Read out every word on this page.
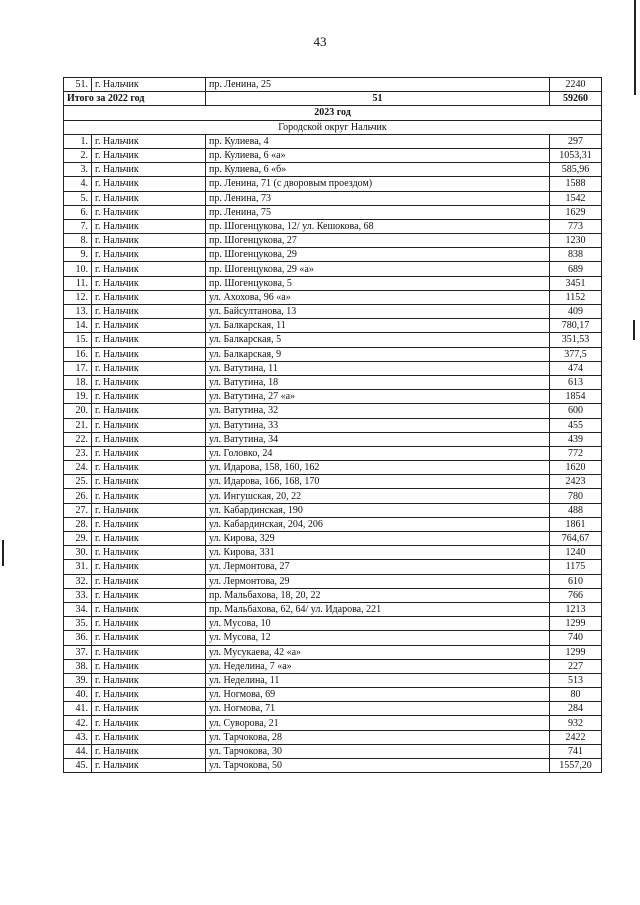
43
51.	г. Нальчик	пр. Ленина, 25	2240
Итого за 2022 год		51	59260
2023 год			
Городской округ Нальчик			
1.	г. Нальчик	пр. Кулиева, 4	297
2.	г. Нальчик	пр. Кулиева, 6 «а»	1053,31
3.	г. Нальчик	пр. Кулиева, 6 «б»	585,96
4.	г. Нальчик	пр. Ленина, 71 (с дворовым проездом)	1588
5.	г. Нальчик	пр. Ленина, 73	1542
6.	г. Нальчик	пр. Ленина, 75	1629
7.	г. Нальчик	пр. Шогенцукова, 12/ ул. Кешокова, 68	773
8.	г. Нальчик	пр. Шогенцукова, 27	1230
9.	г. Нальчик	пр. Шогенцукова, 29	838
10.	г. Нальчик	пр. Шогенцукова, 29 «а»	689
11.	г. Нальчик	пр. Шогенцукова, 5	3451
12.	г. Нальчик	ул. Ахохова, 96 «а»	1152
13.	г. Нальчик	ул. Байсултанова, 13	409
14.	г. Нальчик	ул. Балкарская, 11	780,17
15.	г. Нальчик	ул. Балкарская, 5	351,53
16.	г. Нальчик	ул. Балкарская, 9	377,5
17.	г. Нальчик	ул. Ватутина, 11	474
18.	г. Нальчик	ул. Ватутина, 18	613
19.	г. Нальчик	ул. Ватутина, 27 «а»	1854
20.	г. Нальчик	ул. Ватутина, 32	600
21.	г. Нальчик	ул. Ватутина, 33	455
22.	г. Нальчик	ул. Ватутина, 34	439
23.	г. Нальчик	ул. Головко, 24	772
24.	г. Нальчик	ул. Идарова, 158, 160, 162	1620
25.	г. Нальчик	ул. Идарова, 166, 168, 170	2423
26.	г. Нальчик	ул. Ингушская, 20, 22	780
27.	г. Нальчик	ул. Кабардинская, 190	488
28.	г. Нальчик	ул. Кабардинская, 204, 206	1861
29.	г. Нальчик	ул. Кирова, 329	764,67
30.	г. Нальчик	ул. Кирова, 331	1240
31.	г. Нальчик	ул. Лермонтова, 27	1175
32.	г. Нальчик	ул. Лермонтова, 29	610
33.	г. Нальчик	пр. Мальбахова, 18, 20, 22	766
34.	г. Нальчик	пр. Мальбахова, 62, 64/ ул. Идарова, 221	1213
35.	г. Нальчик	ул. Мусова, 10	1299
36.	г. Нальчик	ул. Мусова, 12	740
37.	г. Нальчик	ул. Мусукаева, 42 «а»	1299
38.	г. Нальчик	ул. Неделина, 7 «а»	227
39.	г. Нальчик	ул. Неделина, 11	513
40.	г. Нальчик	ул. Ногмова, 69	80
41.	г. Нальчик	ул. Ногмова, 71	284
42.	г. Нальчик	ул. Суворова, 21	932
43.	г. Нальчик	ул. Тарчокова, 28	2422
44.	г. Нальчик	ул. Тарчокова, 30	741
45.	г. Нальчик	ул. Тарчокова, 50	1557,20
